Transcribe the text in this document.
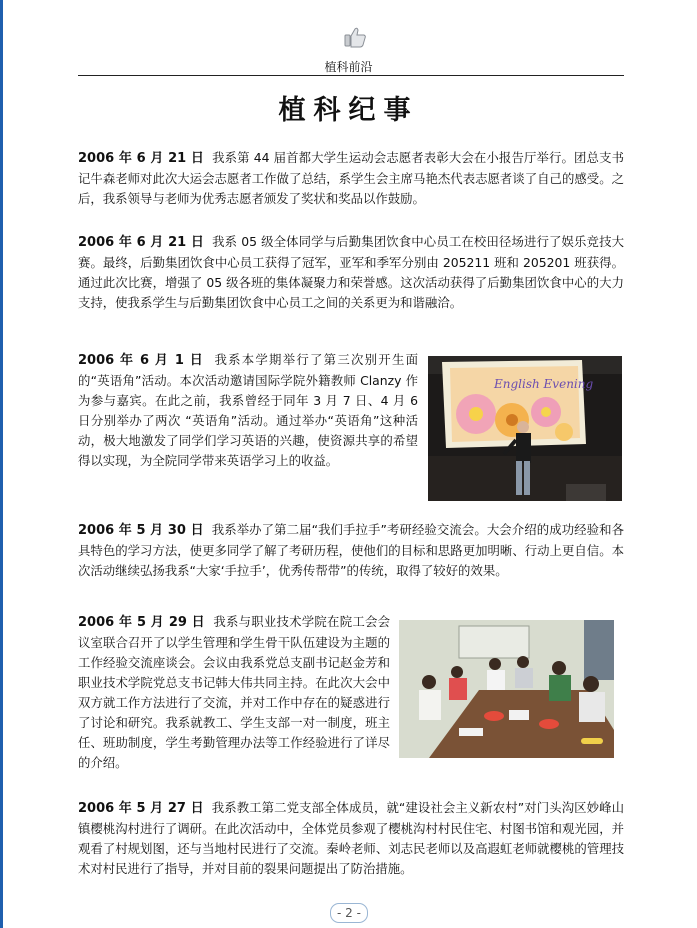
植科前沿
植科纪事

2006 年 6 月 21 日 我系第 44 届首都大学生运动会志愿者表彰大会在小报告厅举行。团总支书记牛森老师对此次大运会志愿者工作做了总结，系学生会主席马艳杰代表志愿者谈了自己的感受。之后，我系领导与老师为优秀志愿者颁发了奖状和奖品以作鼓励。

2006 年 6 月 21 日 我系 05 级全体同学与后勤集团饮食中心员工在校田径场进行了娱乐竞技大赛。最终，后勤集团饮食中心员工获得了冠军，亚军和季军分别由 205211 班和 205201 班获得。通过此次比赛，增强了 05 级各班的集体凝聚力和荣誉感。这次活动获得了后勤集团饮食中心的大力支持，使我系学生与后勤集团饮食中心员工之间的关系更为和谐融洽。

2006 年 6 月 1 日 我系本学期举行了第三次别开生面的“英语角”活动。本次活动邀请国际学院外籍教师 Clanzy 作为参与嘉宾。在此之前，我系曾经于同年 3 月 7 日、4 月 6 日分别举办了两次 “英语角”活动。通过举办“英语角”这种活动，极大地激发了同学们学习英语的兴趣，使资源共享的希望得以实现，为全院同学带来英语学习上的收益。

English Evening

2006 年 5 月 30 日 我系举办了第二届“我们手拉手”考研经验交流会。大会介绍的成功经验和各具特色的学习方法，使更多同学了解了考研历程，使他们的目标和思路更加明晰、行动上更自信。本次活动继续弘扬我系“大家‘手拉手’，优秀传帮带”的传统，取得了较好的效果。

2006 年 5 月 29 日 我系与职业技术学院在院工会会议室联合召开了以学生管理和学生骨干队伍建设为主题的工作经验交流座谈会。会议由我系党总支副书记赵金芳和职业技术学院党总支书记韩大伟共同主持。在此次大会中双方就工作方法进行了交流，并对工作中存在的疑惑进行了讨论和研究。我系就教工、学生支部一对一制度，班主任、班助制度，学生考勤管理办法等工作经验进行了详尽的介绍。

2006 年 5 月 27 日 我系教工第二党支部全体成员，就“建设社会主义新农村”对门头沟区妙峰山镇樱桃沟村进行了调研。在此次活动中，全体党员参观了樱桃沟村村民住宅、村图书馆和观光园，并观看了村规划图，还与当地村民进行了交流。秦岭老师、刘志民老师以及高遐虹老师就樱桃的管理技术对村民进行了指导，并对目前的裂果问题提出了防治措施。

- 2 -
